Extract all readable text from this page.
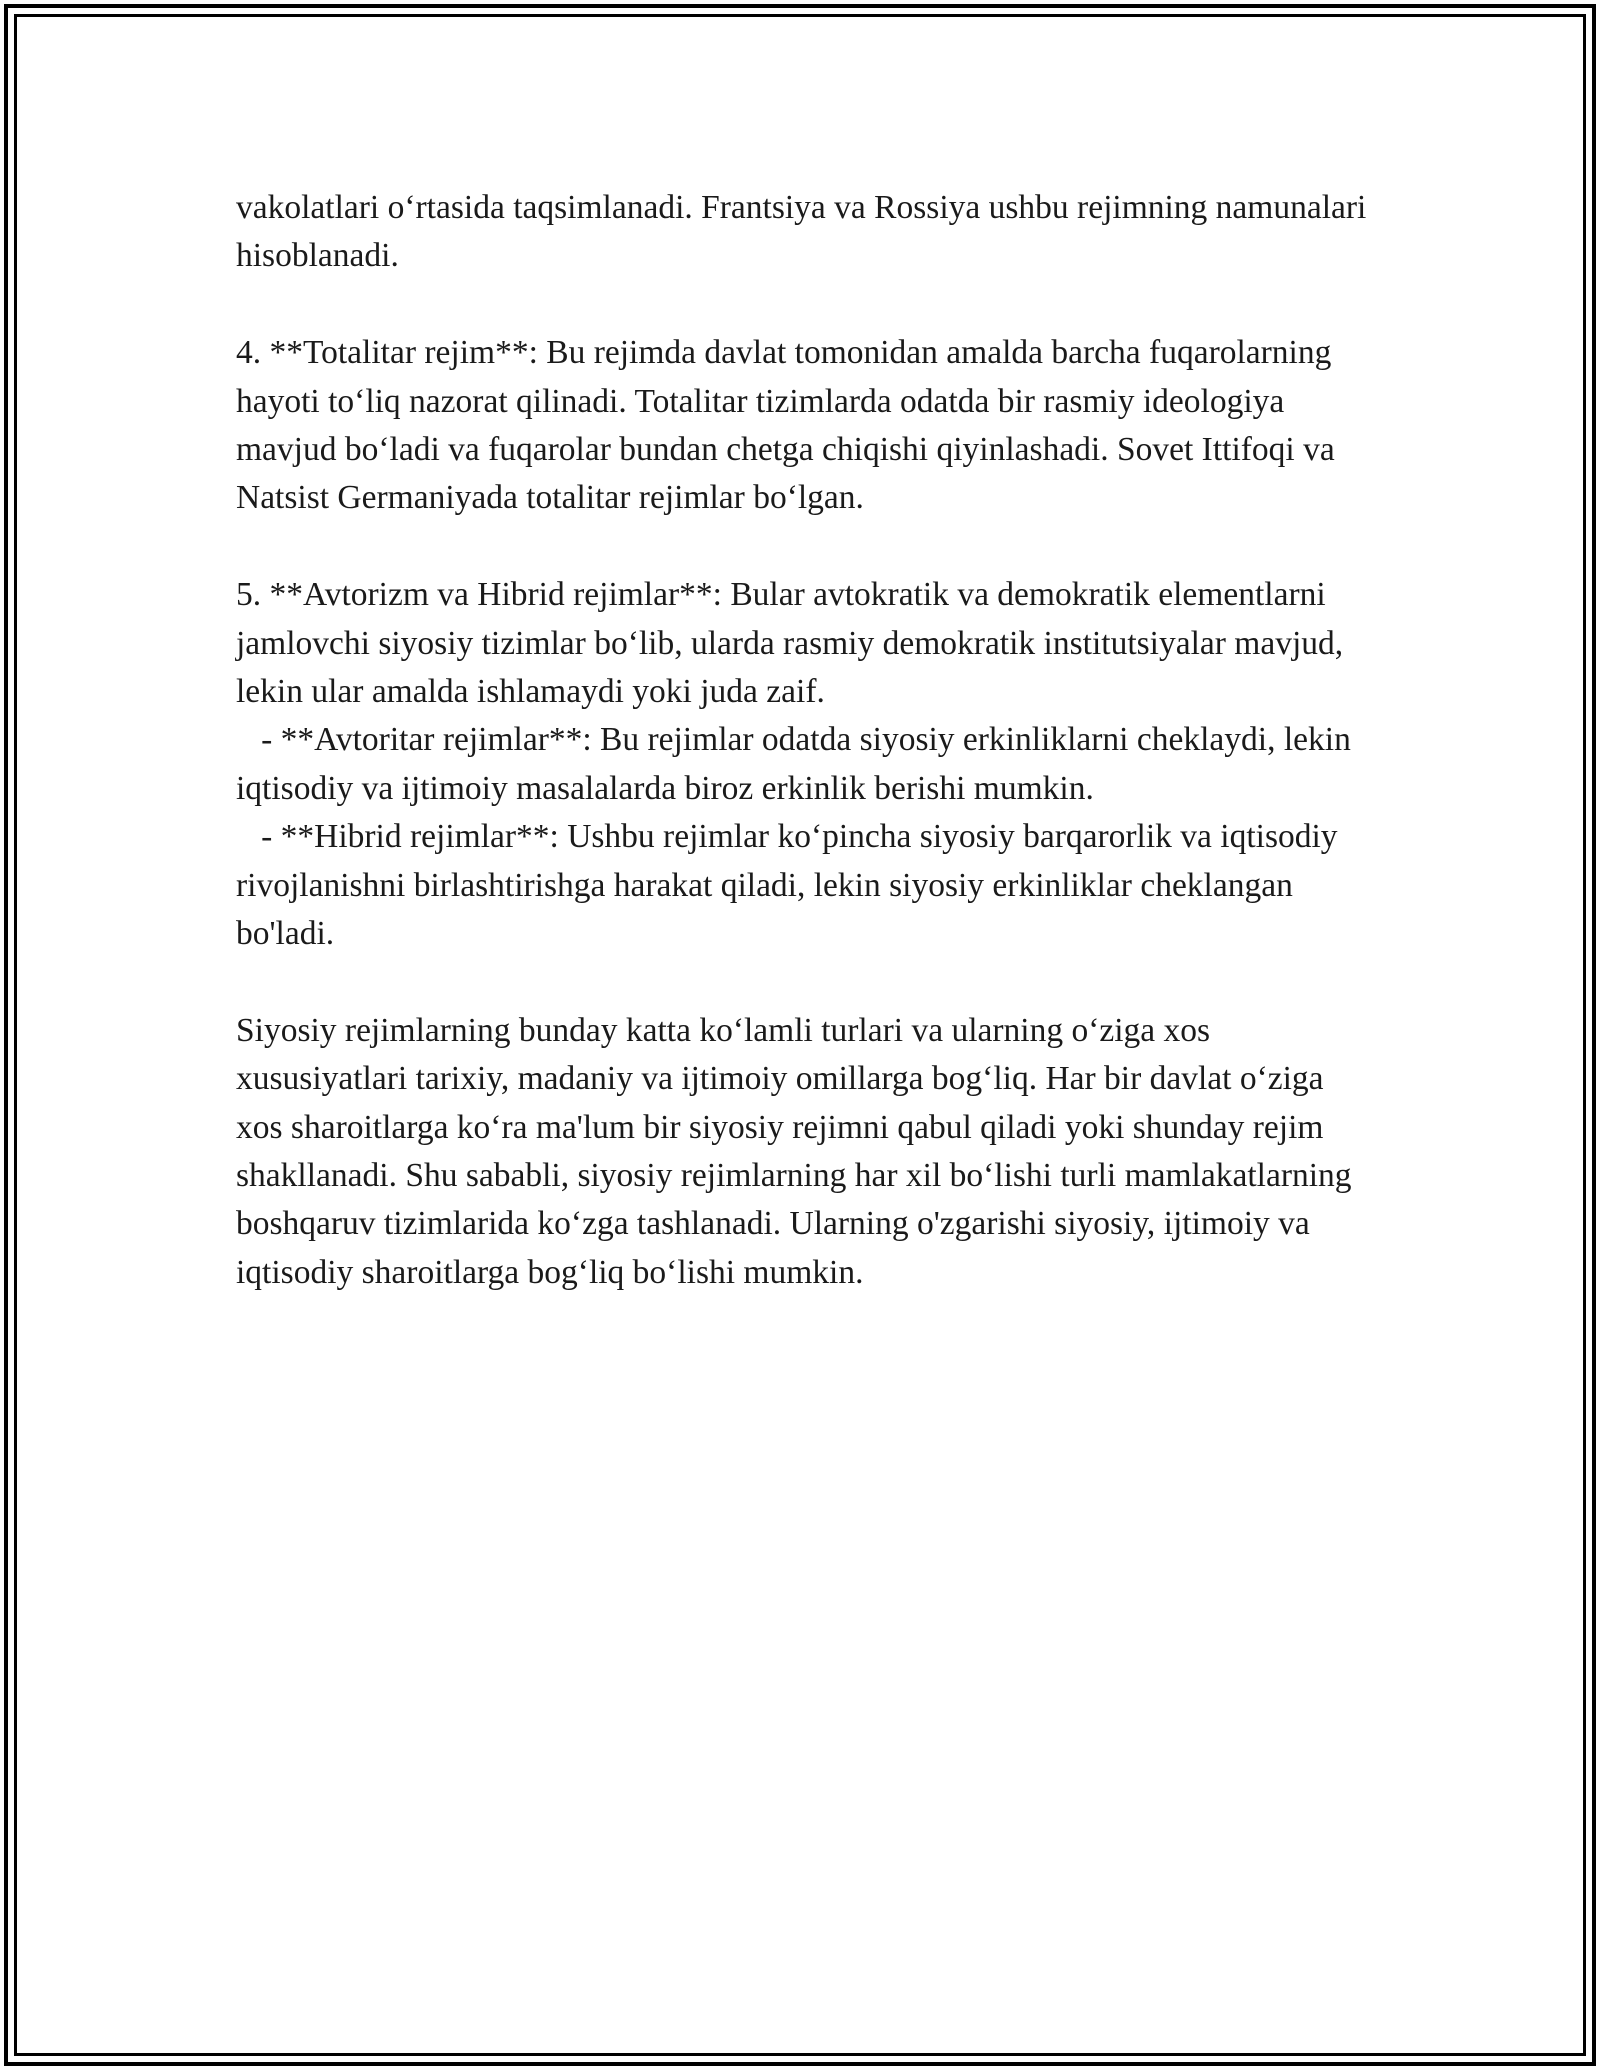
vakolatlari o‘rtasida taqsimlanadi. Frantsiya va Rossiya ushbu rejimning namunalari hisoblanadi.

4. **Totalitar rejim**: Bu rejimda davlat tomonidan amalda barcha fuqarolarning hayoti to‘liq nazorat qilinadi. Totalitar tizimlarda odatda bir rasmiy ideologiya mavjud bo‘ladi va fuqarolar bundan chetga chiqishi qiyinlashadi. Sovet Ittifoqi va Natsist Germaniyada totalitar rejimlar bo‘lgan.

5. **Avtorizm va Hibrid rejimlar**: Bular avtokratik va demokratik elementlarni jamlovchi siyosiy tizimlar bo‘lib, ularda rasmiy demokratik institutsiyalar mavjud, lekin ular amalda ishlamaydi yoki juda zaif.
- **Avtoritar rejimlar**: Bu rejimlar odatda siyosiy erkinliklarni cheklaydi, lekin iqtisodiy va ijtimoiy masalalarda biroz erkinlik berishi mumkin.
- **Hibrid rejimlar**: Ushbu rejimlar ko‘pincha siyosiy barqarorlik va iqtisodiy rivojlanishni birlashtirishga harakat qiladi, lekin siyosiy erkinliklar cheklangan bo'ladi.

Siyosiy rejimlarning bunday katta ko‘lamli turlari va ularning o‘ziga xos xususiyatlari tarixiy, madaniy va ijtimoiy omillarga bog‘liq. Har bir davlat o‘ziga xos sharoitlarga ko‘ra ma'lum bir siyosiy rejimni qabul qiladi yoki shunday rejim shakllanadi. Shu sababli, siyosiy rejimlarning har xil bo‘lishi turli mamlakatlarning boshqaruv tizimlarida ko‘zga tashlanadi. Ularning o'zgarishi siyosiy, ijtimoiy va iqtisodiy sharoitlarga bog‘liq bo‘lishi mumkin.
